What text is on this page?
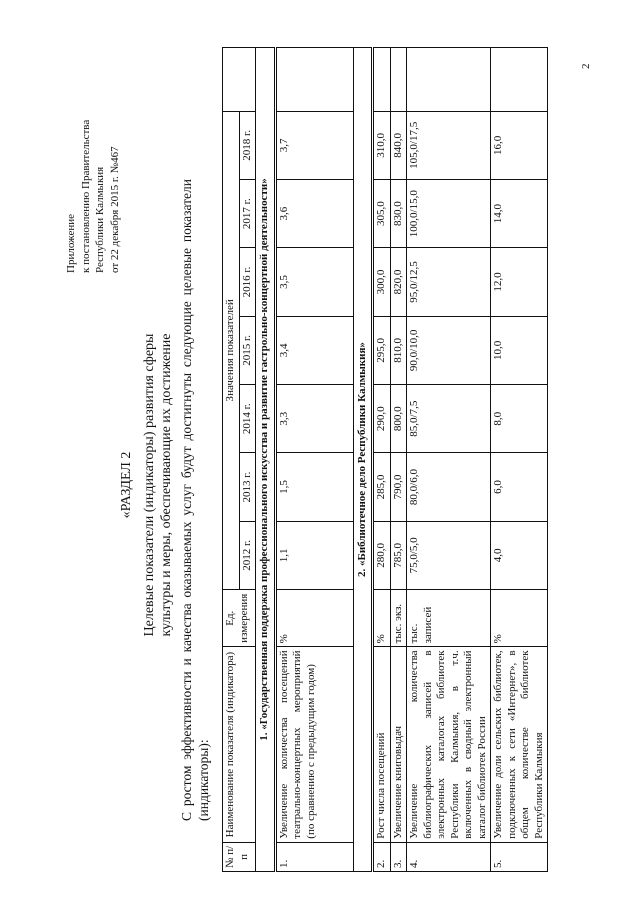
Приложение к постановлению Правительства Республики Калмыкия от 22 декабря 2015 г. №467
«РАЗДЕЛ 2 Целевые показатели (индикаторы) развития сферы культуры и меры, обеспечивающие их достижение С ростом эффективности и качества оказываемых услуг будут достигнуты следующие целевые показатели (индикаторы):
№ п/п	Наименование показателя (индикатора)	Ед. измерения	Значения показателей							
			2012 г.	2013 г.	2014 г.	2015 г.	2016 г.	2017 г.	2018 г.	
1. «Государственная поддержка профессионального искусства и развитие гастрольно-концертной деятельности»										
1.	Увеличение количества посещений театрально-концертных мероприятий (по сравнению с предыдущим годом)	%	1,1	1,5	3,3	3,4	3,5	3,6	3,7	
2. «Библиотечное дело Республики Калмыкия»										
2.	Рост числа посещений	%	280,0	285,0	290,0	295,0	300,0	305,0	310,0	
3.	Увеличение книговыдач	тыс. экз.	785,0	790,0	800,0	810,0	820,0	830,0	840,0	
4.	Увеличение количества библиографических записей в электронных каталогах библиотек Республики Калмыкия, в т.ч. включенных в сводный электронный каталог библиотек России	тыс. записей	75,0/5,0	80,0/6,0	85,0/7,5	90,0/10,0	95,0/12,5	100,0/15,0	105,0/17,5	
5.	Увеличение доли сельских библиотек, подключенных к сети «Интернет», в общем количестве библиотек Республики Калмыкия	%	4,0	6,0	8,0	10,0	12,0	14,0	16,0	
2
